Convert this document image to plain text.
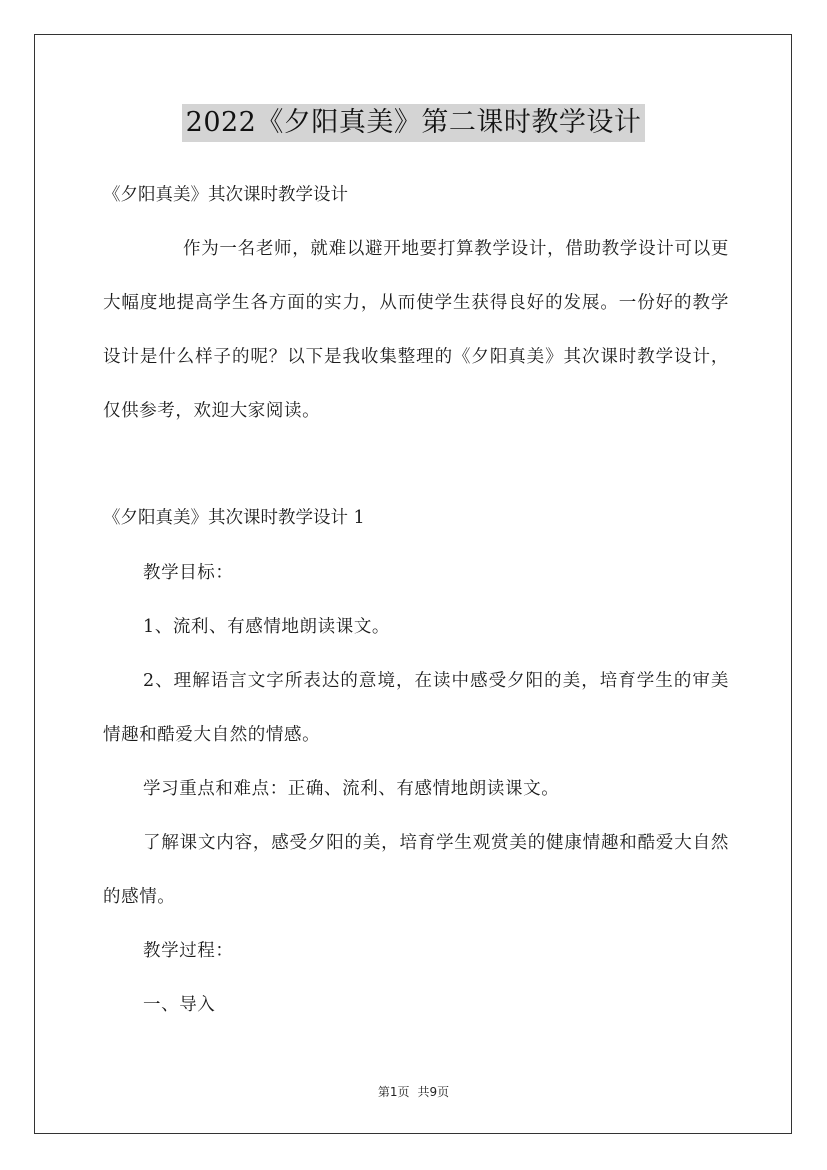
2022《夕阳真美》第二课时教学设计

《夕阳真美》其次课时教学设计

作为一名老师，就难以避开地要打算教学设计，借助教学设计可以更大幅度地提高学生各方面的实力，从而使学生获得良好的发展。一份好的教学设计是什么样子的呢？以下是我收集整理的《夕阳真美》其次课时教学设计，仅供参考，欢迎大家阅读。

《夕阳真美》其次课时教学设计 1

教学目标：

1、流利、有感情地朗读课文。

2、理解语言文字所表达的意境，在读中感受夕阳的美，培育学生的审美情趣和酷爱大自然的情感。

学习重点和难点：正确、流利、有感情地朗读课文。

了解课文内容，感受夕阳的美，培育学生观赏美的健康情趣和酷爱大自然的感情。

教学过程：

一、导入

第1页 共9页
